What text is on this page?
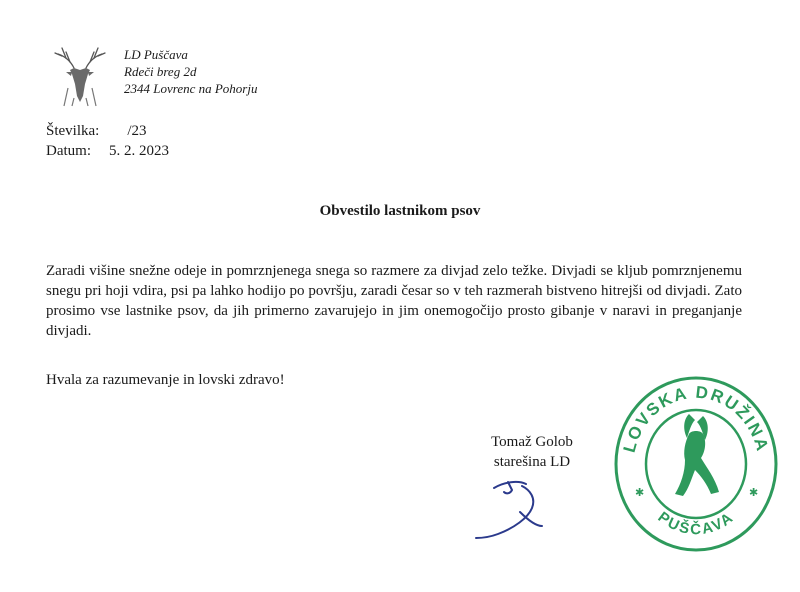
LD Puščava
Rdeči breg 2d
2344 Lovrenc na Pohorju
Številka: /23
Datum: 5. 2. 2023
Obvestilo lastnikom psov
Zaradi višine snežne odeje in pomrznjenega snega so razmere za divjad zelo težke. Divjadi se kljub pomrznjenemu snegu pri hoji vdira, psi pa lahko hodijo po površju, zaradi česar so v teh razmerah bistveno hitrejši od divjadi. Zato prosimo vse lastnike psov, da jih primerno zavarujejo in jim onemogočijo prosto gibanje v naravi in preganjanje divjadi.
Hvala za razumevanje in lovski zdravo!
Tomaž Golob
starešina LD
LOVSKA DRUŽINA
PUŠČAVA
✱	✱
